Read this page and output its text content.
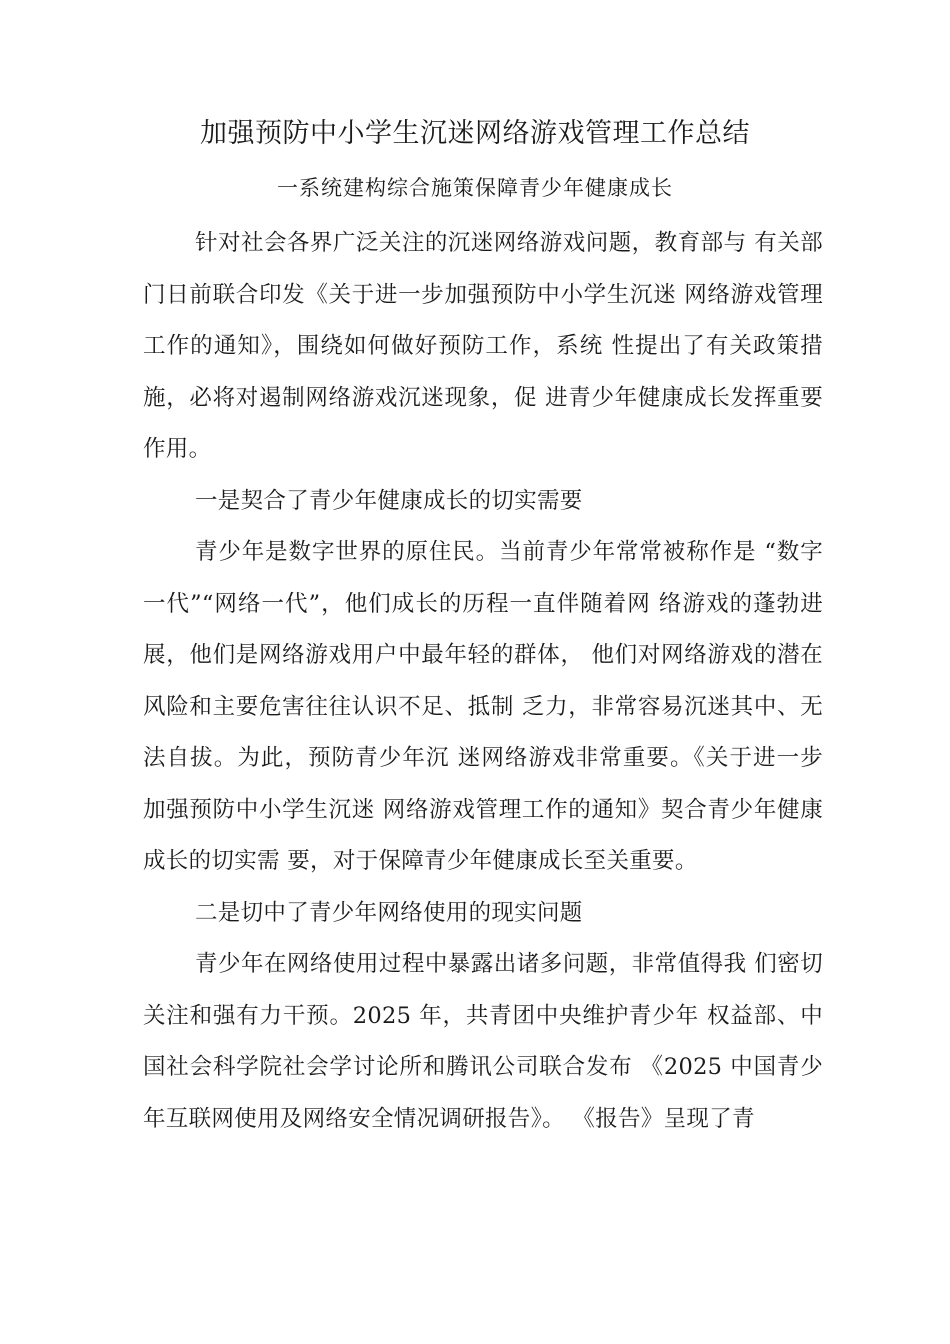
加强预防中小学生沉迷网络游戏管理工作总结
一系统建构综合施策保障青少年健康成长

针对社会各界广泛关注的沉迷网络游戏问题，教育部与 有关部门日前联合印发《关于进一步加强预防中小学生沉迷 网络游戏管理工作的通知》，围绕如何做好预防工作，系统 性提出了有关政策措施，必将对遏制网络游戏沉迷现象，促 进青少年健康成长发挥重要作用。

一是契合了青少年健康成长的切实需要

青少年是数字世界的原住民。当前青少年常常被称作是 “数字一代”“网络一代”，他们成长的历程一直伴随着网 络游戏的蓬勃进展，他们是网络游戏用户中最年轻的群体， 他们对网络游戏的潜在风险和主要危害往往认识不足、抵制 乏力，非常容易沉迷其中、无法自拔。为此，预防青少年沉 迷网络游戏非常重要。《关于进一步加强预防中小学生沉迷 网络游戏管理工作的通知》契合青少年健康成长的切实需 要，对于保障青少年健康成长至关重要。

二是切中了青少年网络使用的现实问题

青少年在网络使用过程中暴露出诸多问题，非常值得我 们密切关注和强有力干预。2025 年，共青团中央维护青少年 权益部、中国社会科学院社会学讨论所和腾讯公司联合发布 《2025 中国青少年互联网使用及网络安全情况调研报告》。 《报告》呈现了青
